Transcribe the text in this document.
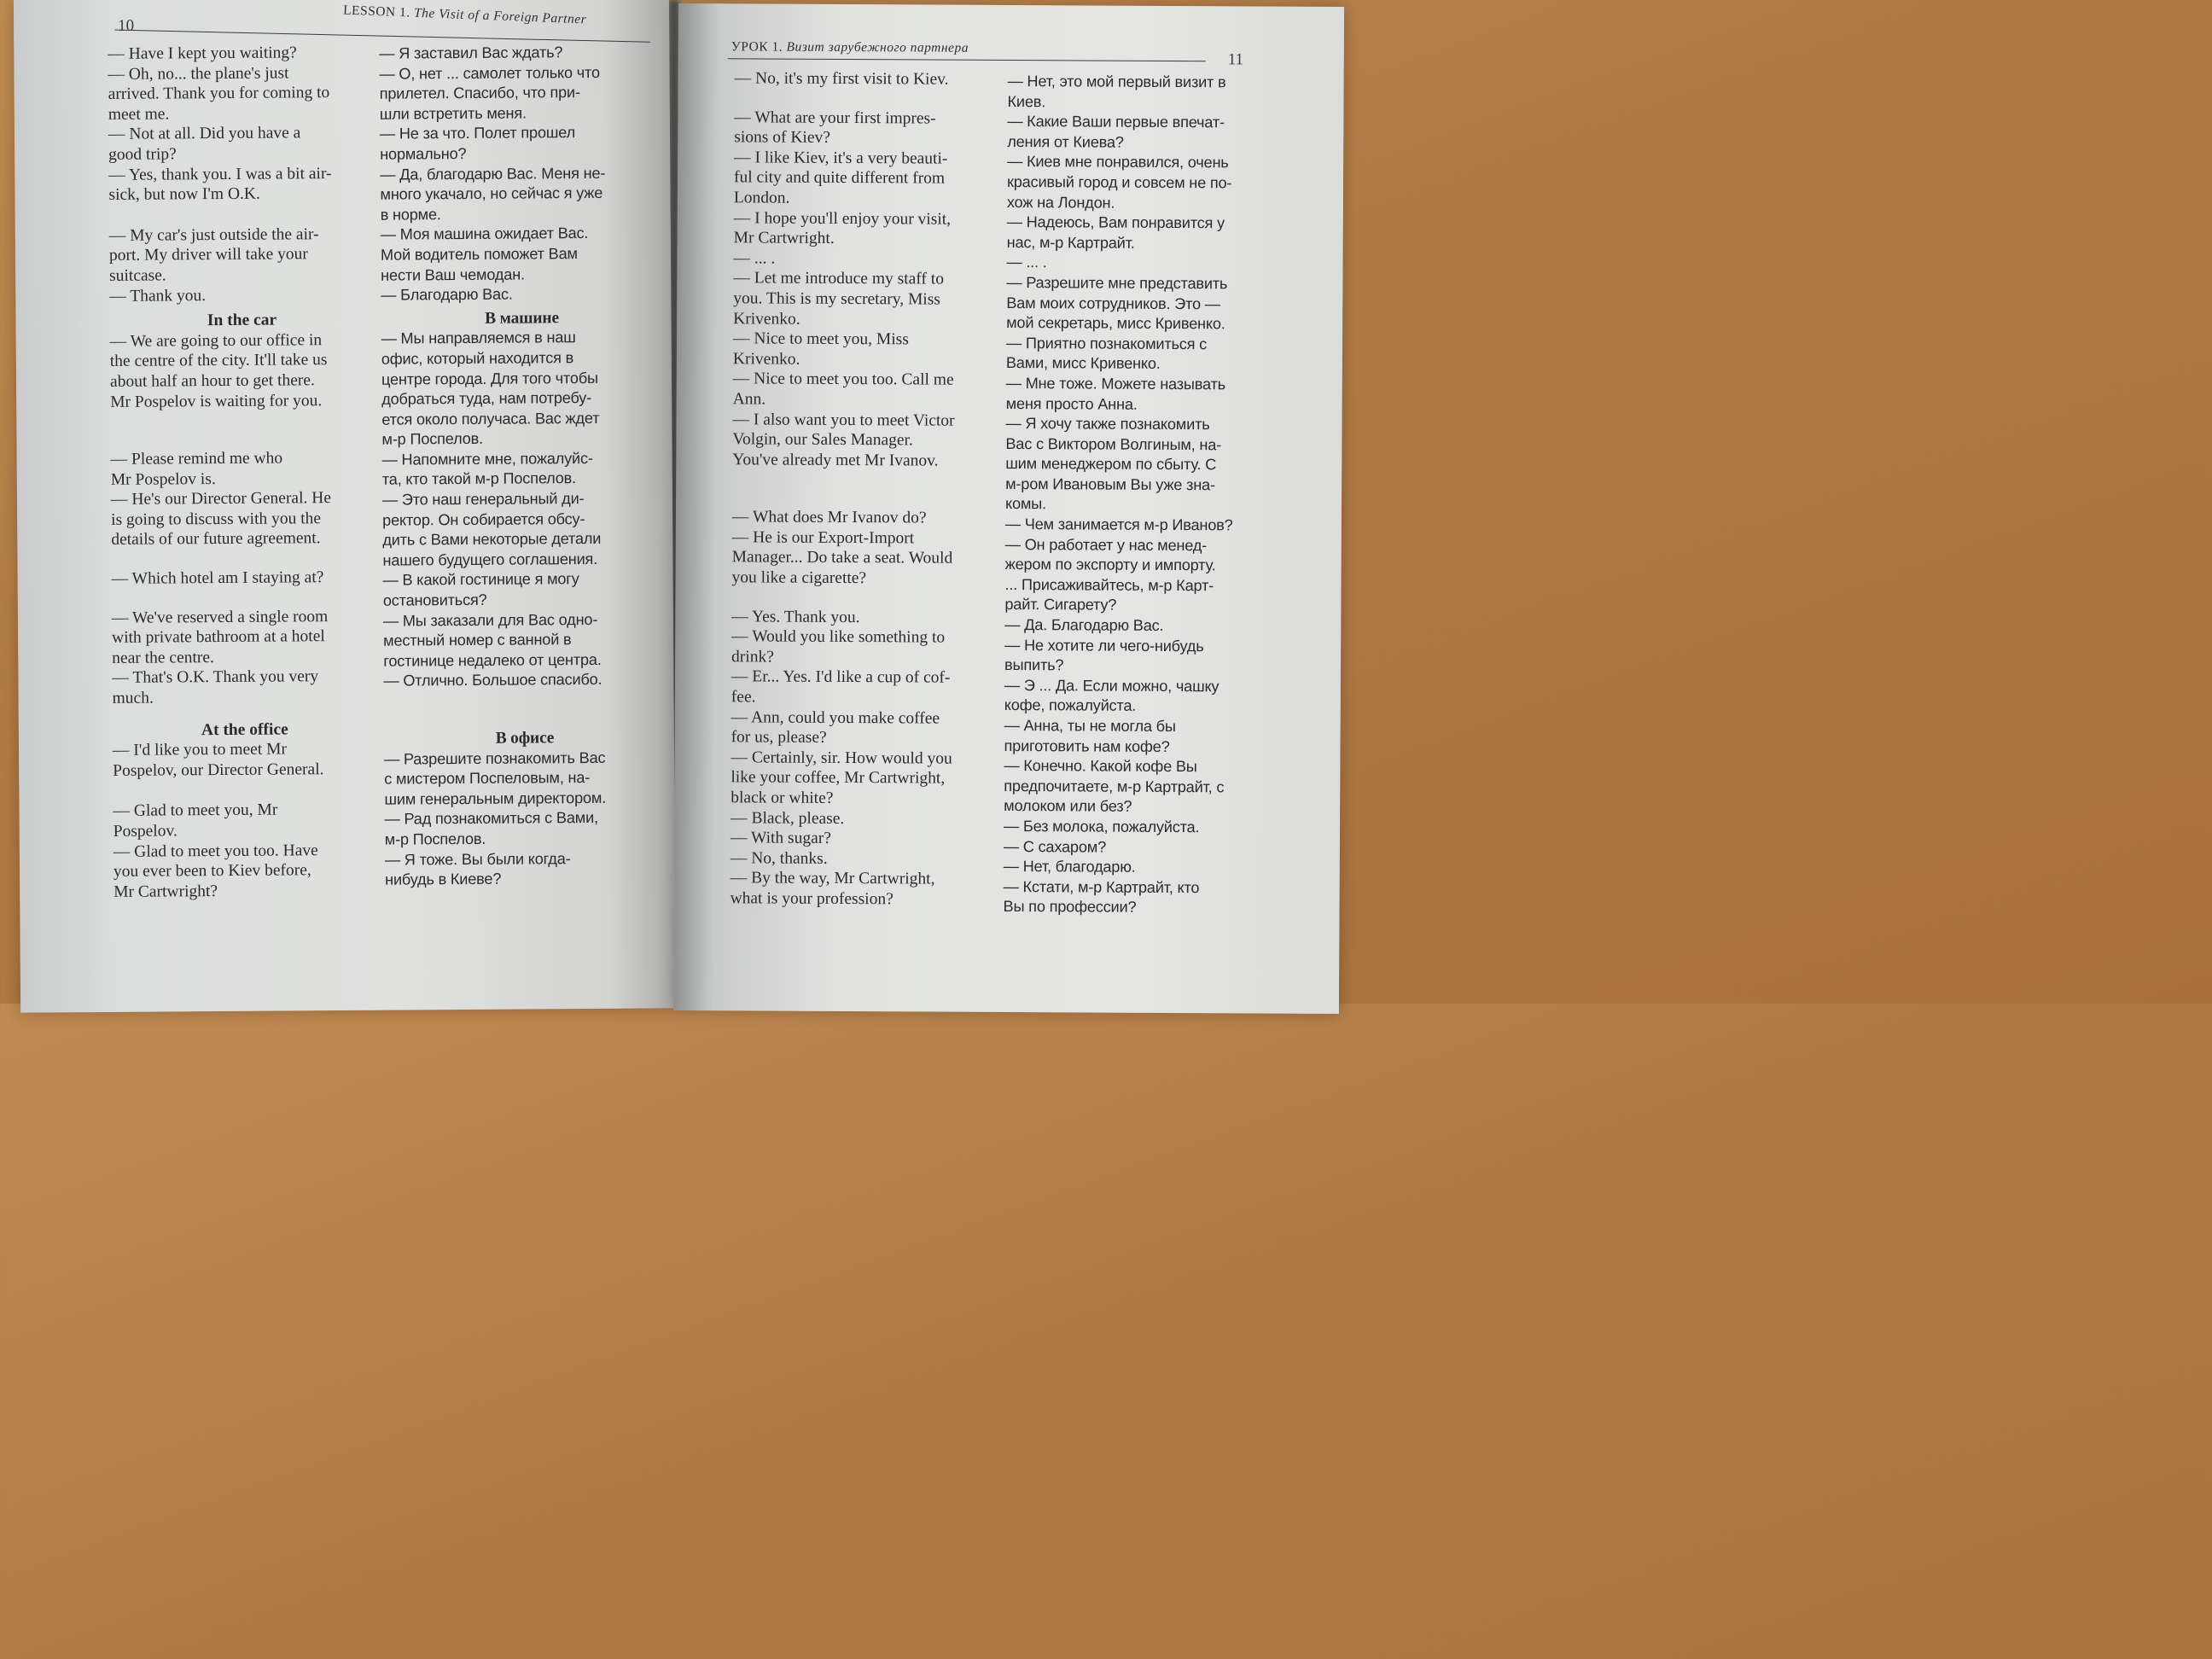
10
LESSON 1. The Visit of a Foreign Partner
— Have I kept you waiting?
— Oh, no... the plane's just
arrived. Thank you for coming to
meet me.
— Not at all. Did you have a
good trip?
— Yes, thank you. I was a bit air-
sick, but now I'm O.K.
— My car's just outside the air-
port. My driver will take your
suitcase.
— Thank you.
In the car
— We are going to our office in
the centre of the city. It'll take us
about half an hour to get there.
Mr Pospelov is waiting for you.
— Please remind me who
Mr Pospelov is.
— He's our Director General. He
is going to discuss with you the
details of our future agreement.
— Which hotel am I staying at?
— We've reserved a single room
with private bathroom at a hotel
near the centre.
— That's O.K. Thank you very
much.
At the office
— I'd like you to meet Mr
Pospelov, our Director General.
— Glad to meet you, Mr
Pospelov.
— Glad to meet you too. Have
you ever been to Kiev before,
Mr Cartwright?
— Я заставил Вас ждать?
— О, нет ... самолет только что
прилетел. Спасибо, что при-
шли встретить меня.
— Не за что. Полет прошел
нормально?
— Да, благодарю Вас. Меня не-
много укачало, но сейчас я уже
в норме.
— Моя машина ожидает Вас.
Мой водитель поможет Вам
нести Ваш чемодан.
— Благодарю Вас.
В машине
— Мы направляемся в наш
офис, который находится в
центре города. Для того чтобы
добраться туда, нам потребу-
ется около получаса. Вас ждет
м-р Поспелов.
— Напомните мне, пожалуйс-
та, кто такой м-р Поспелов.
— Это наш генеральный ди-
ректор. Он собирается обсу-
дить с Вами некоторые детали
нашего будущего соглашения.
— В какой гостинице я могу
остановиться?
— Мы заказали для Вас одно-
местный номер с ванной в
гостинице недалеко от центра.
— Отлично. Большое спасибо.
В офисе
— Разрешите познакомить Вас
с мистером Поспеловым, на-
шим генеральным директором.
— Рад познакомиться с Вами,
м-р Поспелов.
— Я тоже. Вы были когда-
нибудь в Киеве?
УРОК 1. Визит зарубежного партнера
11
— No, it's my first visit to Kiev.
— What are your first impres-
sions of Kiev?
— I like Kiev, it's a very beauti-
ful city and quite different from
London.
— I hope you'll enjoy your visit,
Mr Cartwright.
— ... .
— Let me introduce my staff to
you. This is my secretary, Miss
Krivenko.
— Nice to meet you, Miss
Krivenko.
— Nice to meet you too. Call me
Ann.
— I also want you to meet Victor
Volgin, our Sales Manager.
You've already met Mr Ivanov.
— What does Mr Ivanov do?
— He is our Export-Import
Manager... Do take a seat. Would
you like a cigarette?
— Yes. Thank you.
— Would you like something to
drink?
— Er... Yes. I'd like a cup of cof-
fee.
— Ann, could you make coffee
for us, please?
— Certainly, sir. How would you
like your coffee, Mr Cartwright,
black or white?
— Black, please.
— With sugar?
— No, thanks.
— By the way, Mr Cartwright,
what is your profession?
— Нет, это мой первый визит в
Киев.
— Какие Ваши первые впечат-
ления от Киева?
— Киев мне понравился, очень
красивый город и совсем не по-
хож на Лондон.
— Надеюсь, Вам понравится у
нас, м-р Картрайт.
— ... .
— Разрешите мне представить
Вам моих сотрудников. Это —
мой секретарь, мисс Кривенко.
— Приятно познакомиться с
Вами, мисс Кривенко.
— Мне тоже. Можете называть
меня просто Анна.
— Я хочу также познакомить
Вас с Виктором Волгиным, на-
шим менеджером по сбыту. С
м-ром Ивановым Вы уже зна-
комы.
— Чем занимается м-р Иванов?
— Он работает у нас менед-
жером по экспорту и импорту.
... Присаживайтесь, м-р Карт-
райт. Сигарету?
— Да. Благодарю Вас.
— Не хотите ли чего-нибудь
выпить?
— Э ... Да. Если можно, чашку
кофе, пожалуйста.
— Анна, ты не могла бы
приготовить нам кофе?
— Конечно. Какой кофе Вы
предпочитаете, м-р Картрайт, с
молоком или без?
— Без молока, пожалуйста.
— С сахаром?
— Нет, благодарю.
— Кстати, м-р Картрайт, кто
Вы по профессии?
